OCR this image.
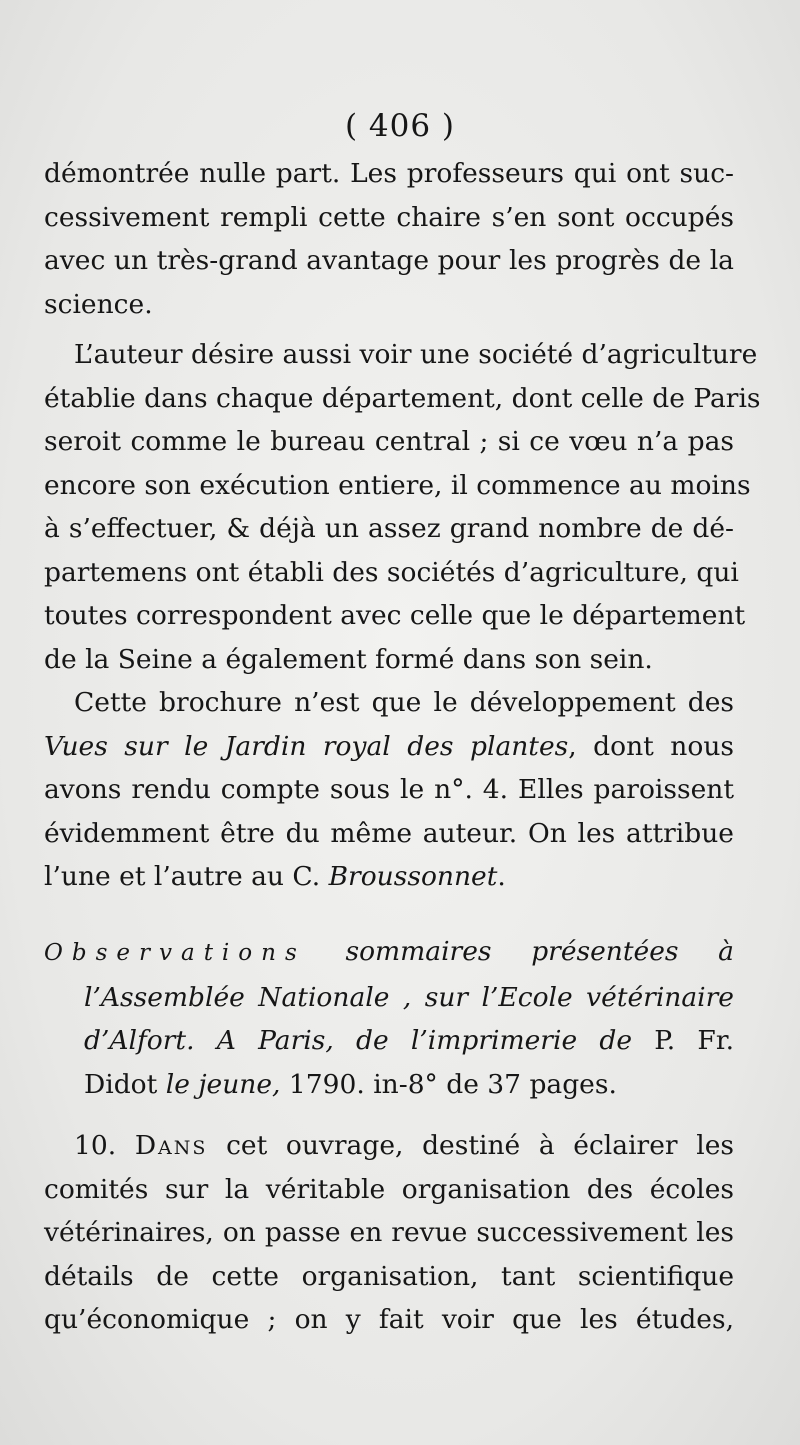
( 406 )
démontrée nulle part. Les professeurs qui ont suc-
cessivement rempli cette chaire s’en sont occupés
avec un très-grand avantage pour les progrès de la
science.
L’auteur désire aussi voir une société d’agriculture
établie dans chaque département, dont celle de Paris
seroit comme le bureau central ; si ce vœu n’a pas
encore son exécution entiere, il commence au moins
à s’effectuer, & déjà un assez grand nombre de dé-
partemens ont établi des sociétés d’agriculture, qui
toutes correspondent avec celle que le département
de la Seine a également formé dans son sein.
Cette brochure n’est que le développement des
Vues sur le Jardin royal des plantes, dont nous
avons rendu compte sous le n°. 4. Elles paroissent
évidemment être du même auteur. On les attribue
l’une et l’autre au C. Broussonnet.
Observations sommaires présentées à
l’Assemblée Nationale , sur l’Ecole vétérinaire
d’Alfort. A Paris, de l’imprimerie de P. Fr.
Didot le jeune, 1790. in-8° de 37 pages.
10. Dans cet ouvrage, destiné à éclairer les
comités sur la véritable organisation des écoles
vétérinaires, on passe en revue successivement les
détails de cette organisation, tant scientifique
qu’économique ; on y fait voir que les études,
